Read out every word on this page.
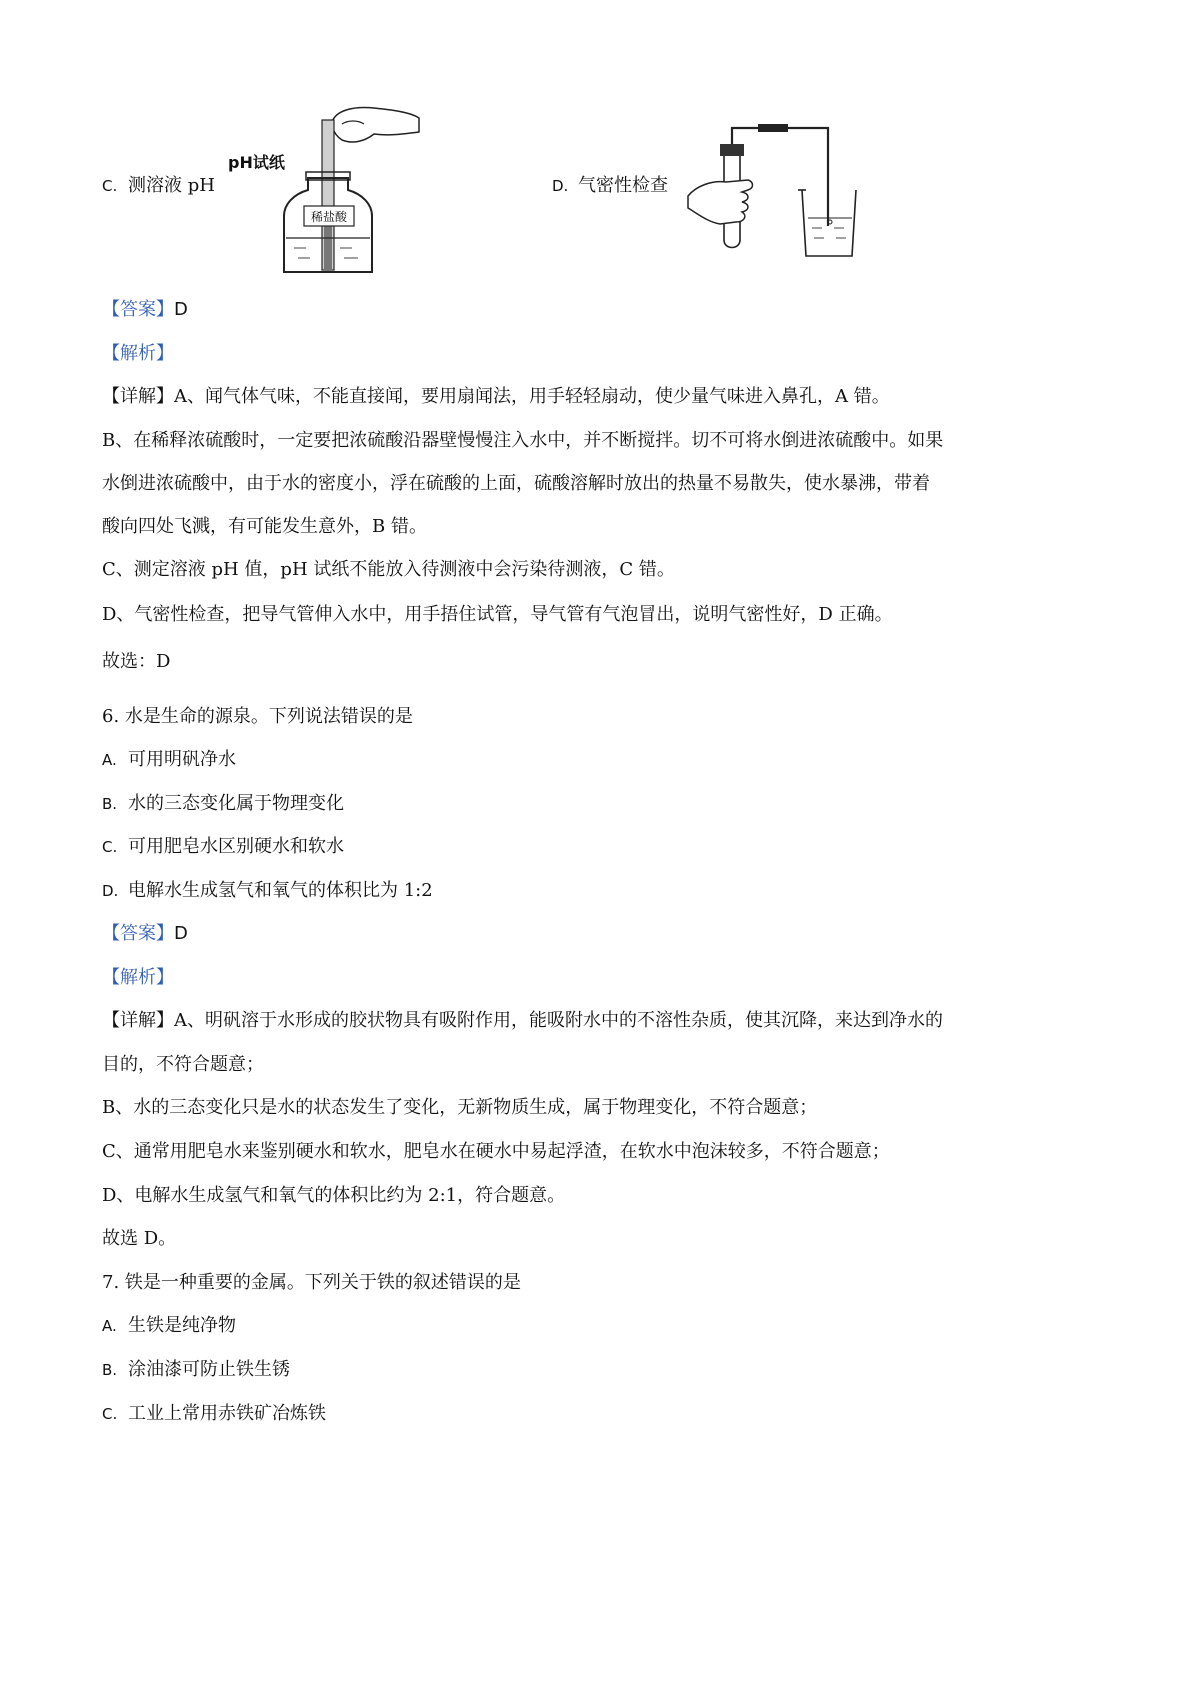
C. 测溶液 pH
稀盐酸
pH试纸
D. 气密性检查
【答案】D
【解析】
【详解】A、闻气体气味，不能直接闻，要用扇闻法，用手轻轻扇动，使少量气味进入鼻孔，A 错。
B、在稀释浓硫酸时，一定要把浓硫酸沿器壁慢慢注入水中，并不断搅拌。切不可将水倒进浓硫酸中。如果
水倒进浓硫酸中，由于水的密度小，浮在硫酸的上面，硫酸溶解时放出的热量不易散失，使水暴沸，带着
酸向四处飞溅，有可能发生意外，B 错。
C、测定溶液 pH 值，pH 试纸不能放入待测液中会污染待测液，C 错。
D、气密性检查，把导气管伸入水中，用手捂住试管，导气管有气泡冒出，说明气密性好，D 正确。
故选：D
6. 水是生命的源泉。下列说法错误的是
A. 可用明矾净水
B. 水的三态变化属于物理变化
C. 可用肥皂水区别硬水和软水
D. 电解水生成氢气和氧气的体积比为 1:2
【答案】D
【解析】
【详解】A、明矾溶于水形成的胶状物具有吸附作用，能吸附水中的不溶性杂质，使其沉降，来达到净水的
目的，不符合题意；
B、水的三态变化只是水的状态发生了变化，无新物质生成，属于物理变化，不符合题意；
C、通常用肥皂水来鉴别硬水和软水，肥皂水在硬水中易起浮渣，在软水中泡沫较多，不符合题意；
D、电解水生成氢气和氧气的体积比约为 2:1，符合题意。
故选 D。
7. 铁是一种重要的金属。下列关于铁的叙述错误的是
A. 生铁是纯净物
B. 涂油漆可防止铁生锈
C. 工业上常用赤铁矿冶炼铁
